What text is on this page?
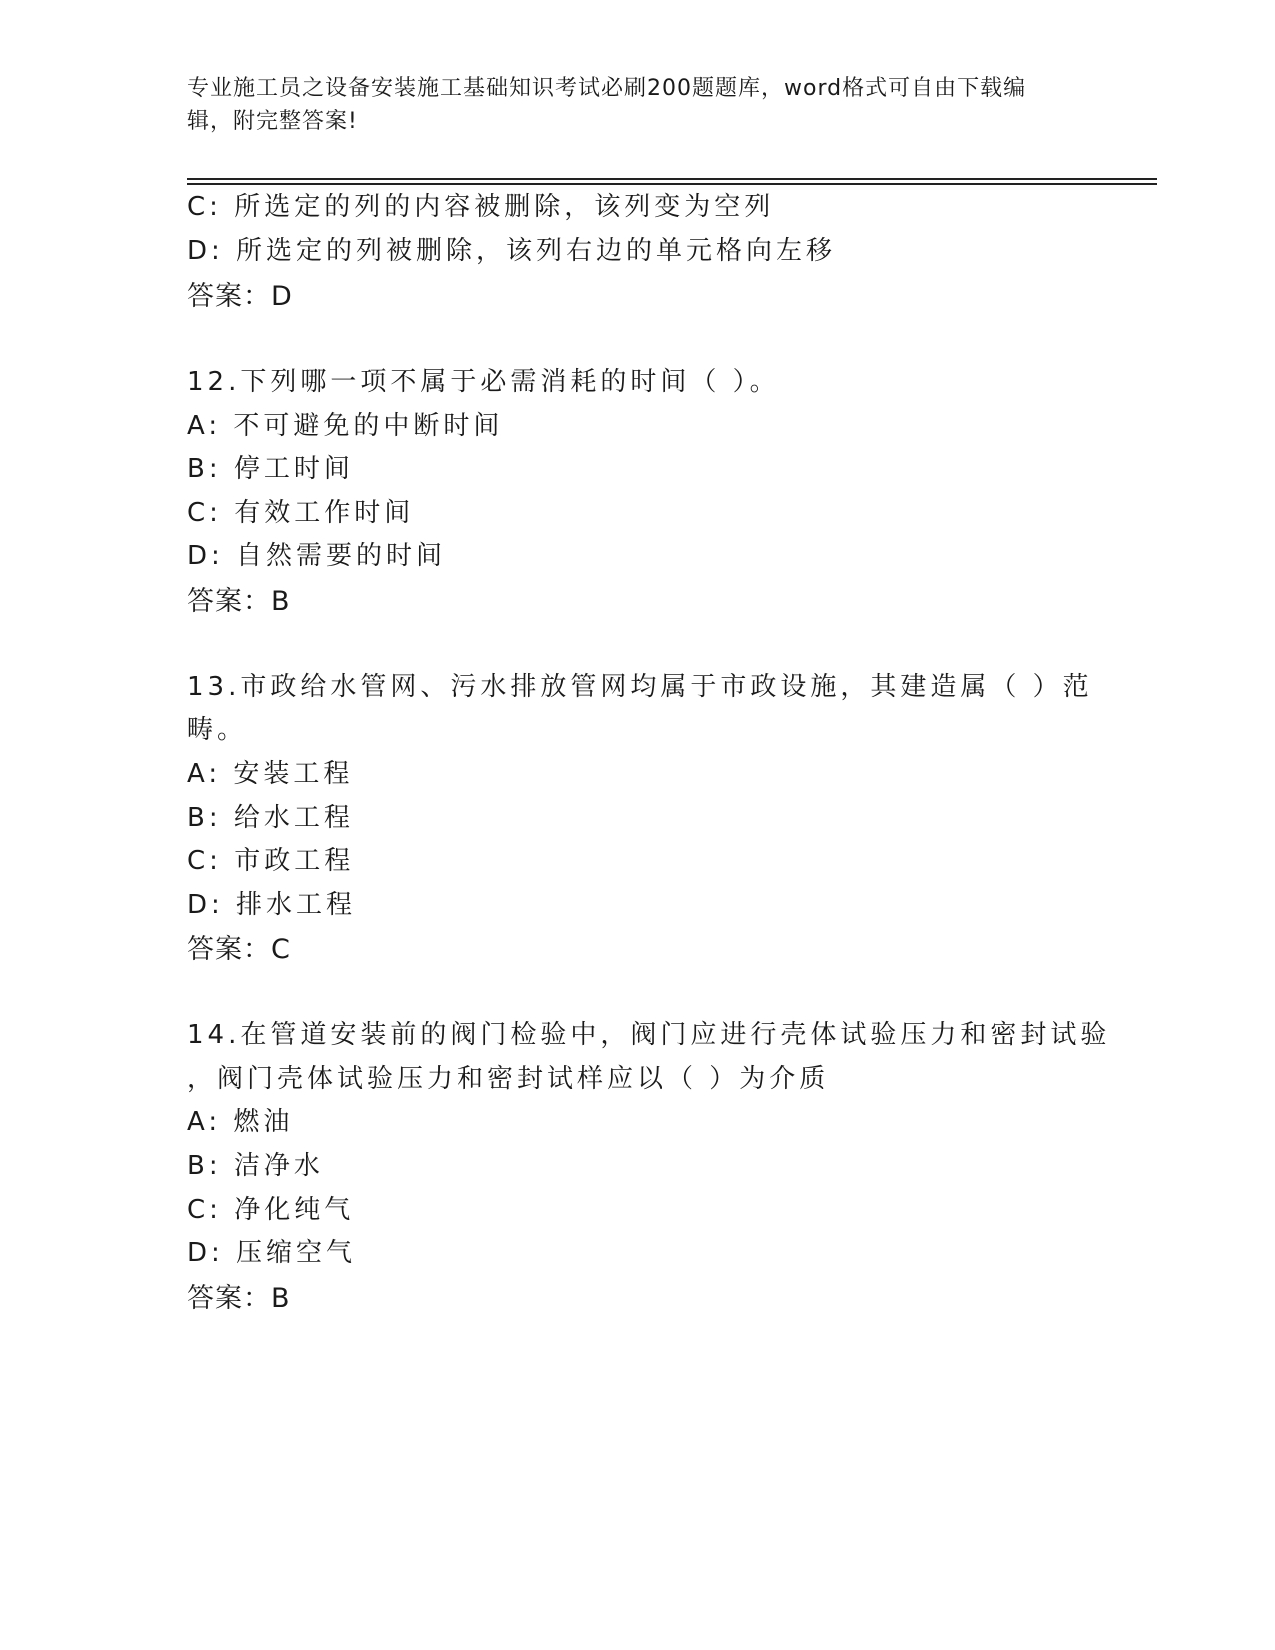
专业施工员之设备安装施工基础知识考试必刷200题题库，word格式可自由下载编辑，附完整答案!
C: 所选定的列的内容被删除，该列变为空列
D: 所选定的列被删除，该列右边的单元格向左移
答案：D
12.下列哪一项不属于必需消耗的时间（ ）。
A: 不可避免的中断时间
B: 停工时间
C: 有效工作时间
D: 自然需要的时间
答案：B
13.市政给水管网、污水排放管网均属于市政设施，其建造属（ ）范
畴。
A: 安装工程
B: 给水工程
C: 市政工程
D: 排水工程
答案：C
14.在管道安装前的阀门检验中，阀门应进行壳体试验压力和密封试验
，阀门壳体试验压力和密封试样应以（ ）为介质
A: 燃油
B: 洁净水
C: 净化纯气
D: 压缩空气
答案：B
